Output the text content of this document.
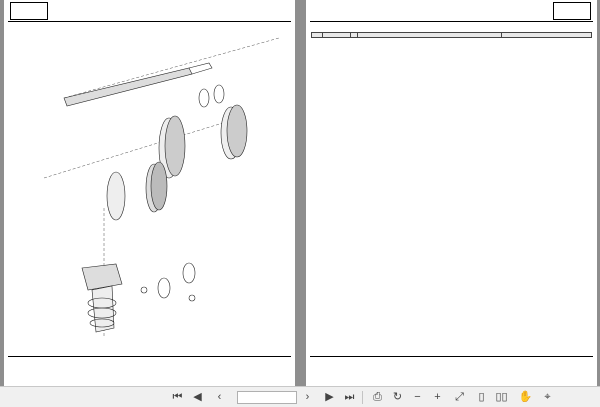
⏮ ◀	‹	›	▶ ⏭ ⎙ ↻	−	+	⤢	▯ ▯▯ ✋	⌖
